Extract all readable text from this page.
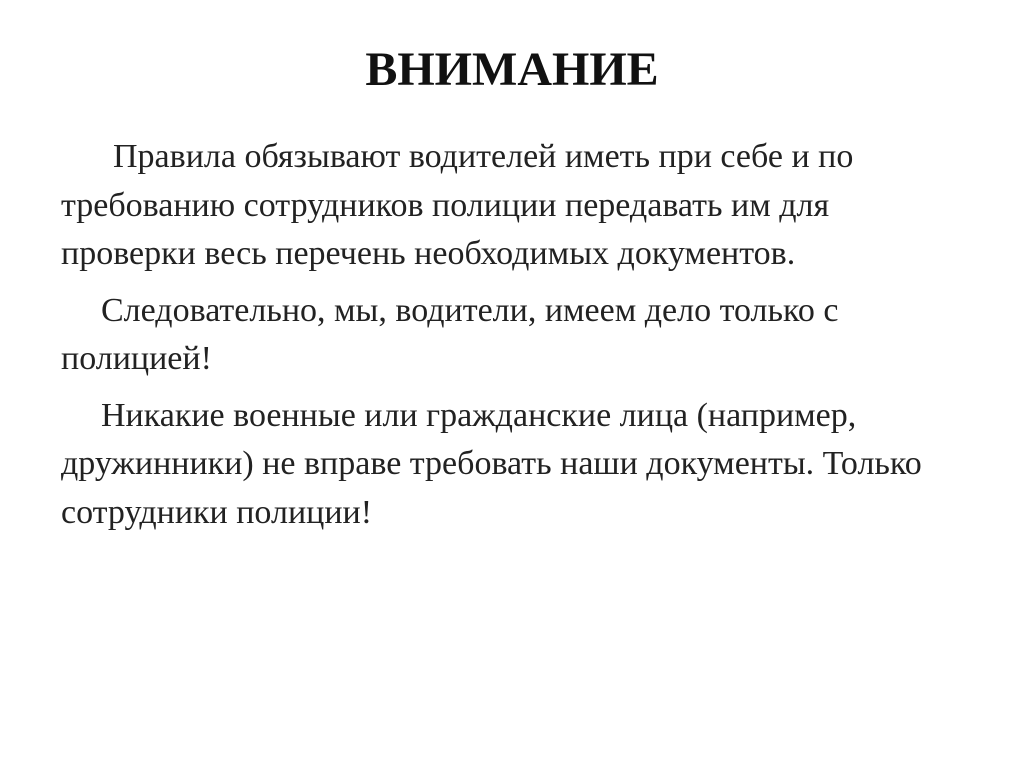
ВНИМАНИЕ

Правила обязывают водителей иметь при себе и по требованию сотрудников полиции передавать им для проверки весь перечень необходимых документов.

Следовательно, мы, водители, имеем дело только с полицией!

Никакие военные или гражданские лица (например, дружинники) не вправе требовать наши документы. Только сотрудники полиции!
